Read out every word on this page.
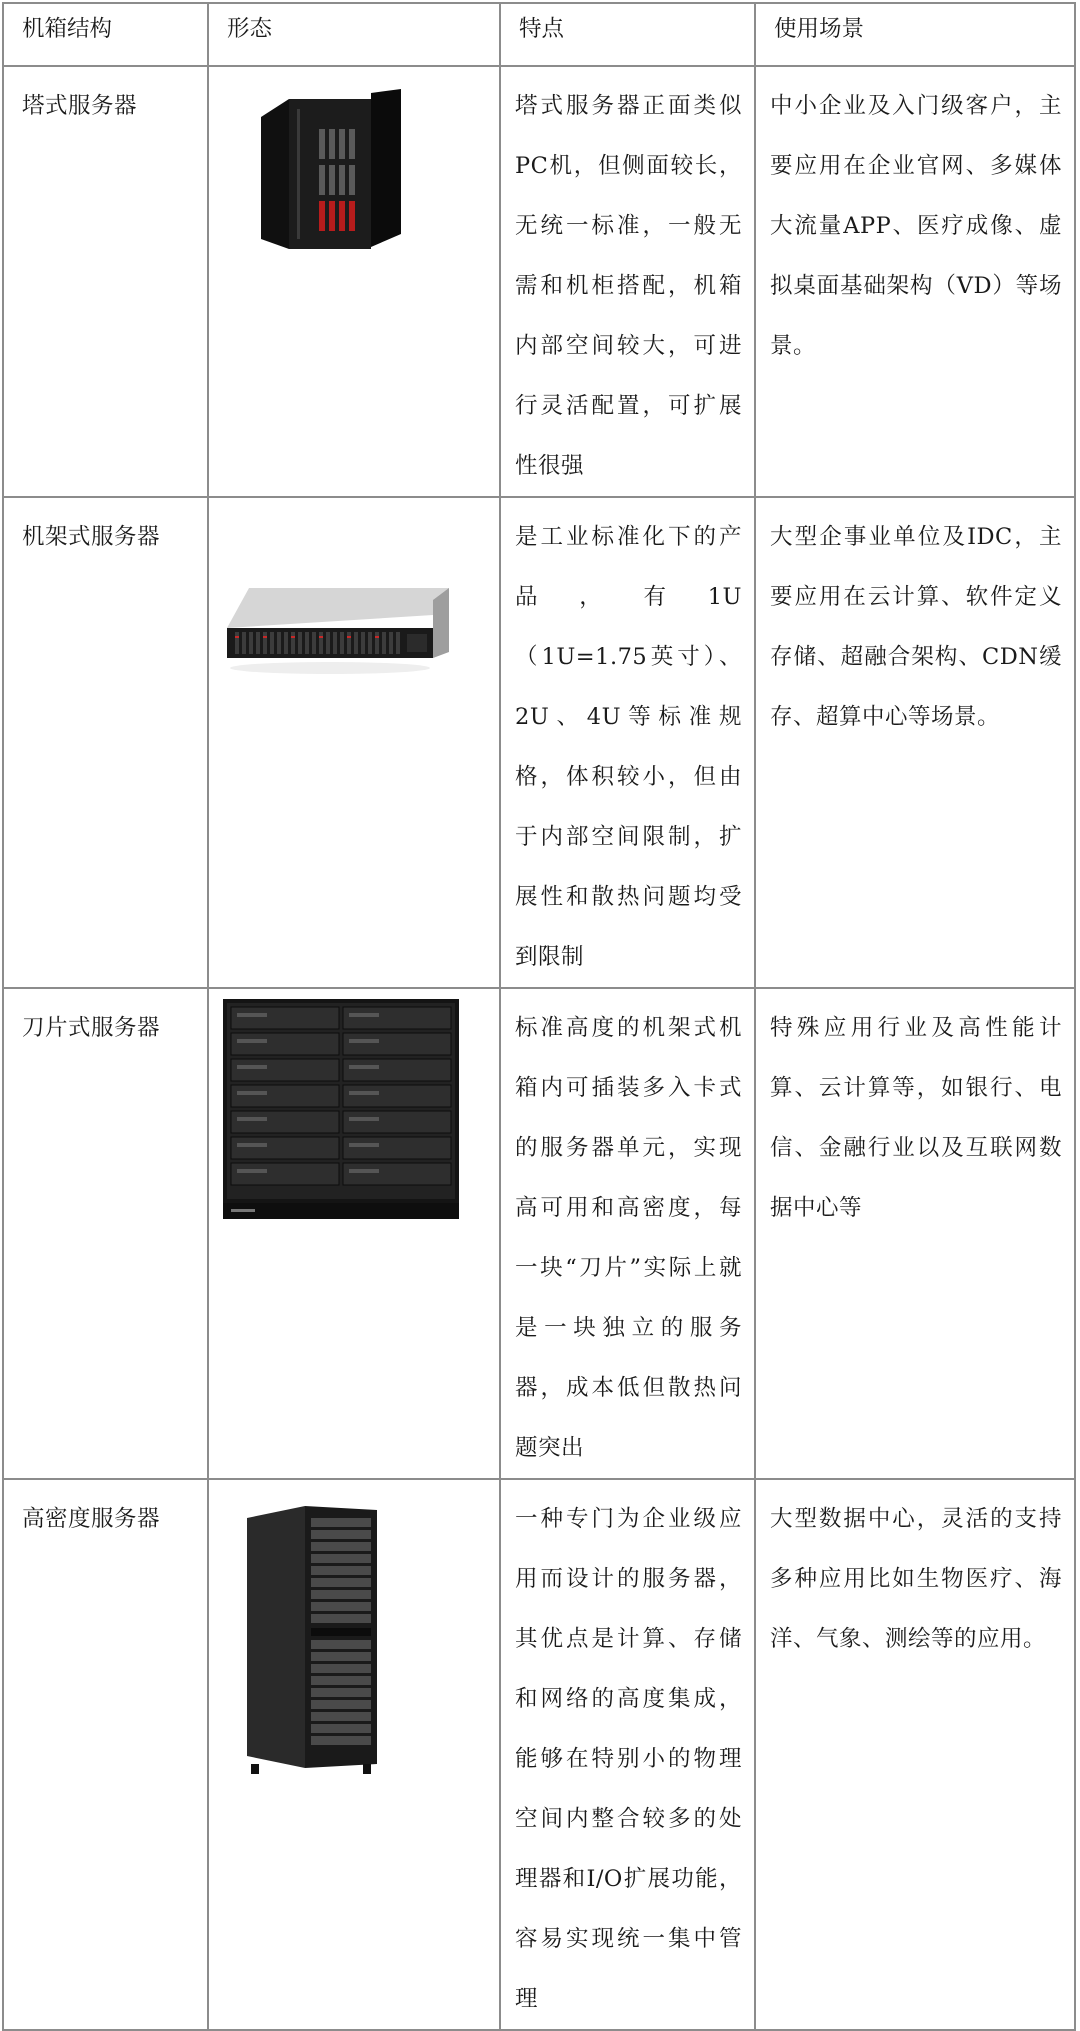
机箱结构	形态	特点	使用场景

塔式服务器		塔式服务器正面类似PC机，但侧面较长，无统一标准，一般无需和机柜搭配，机箱内部空间较大，可进行灵活配置，可扩展性很强	中小企业及入门级客户，主要应用在企业官网、多媒体大流量APP、医疗成像、虚拟桌面基础架构（VD）等场景。

机架式服务器		是工业标准化下的产品，有1U（1U=1.75英寸）、2U、4U等标准规格，体积较小，但由于内部空间限制，扩展性和散热问题均受到限制	大型企事业单位及IDC，主要应用在云计算、软件定义存储、超融合架构、CDN缓存、超算中心等场景。

刀片式服务器		标准高度的机架式机箱内可插装多入卡式的服务器单元，实现高可用和高密度，每一块“刀片”实际上就是一块独立的服务器，成本低但散热问题突出	特殊应用行业及高性能计算、云计算等，如银行、电信、金融行业以及互联网数据中心等

高密度服务器		一种专门为企业级应用而设计的服务器，其优点是计算、存储和网络的高度集成，能够在特别小的物理空间内整合较多的处理器和I/O扩展功能，容易实现统一集中管理	大型数据中心，灵活的支持多种应用比如生物医疗、海洋、气象、测绘等的应用。
